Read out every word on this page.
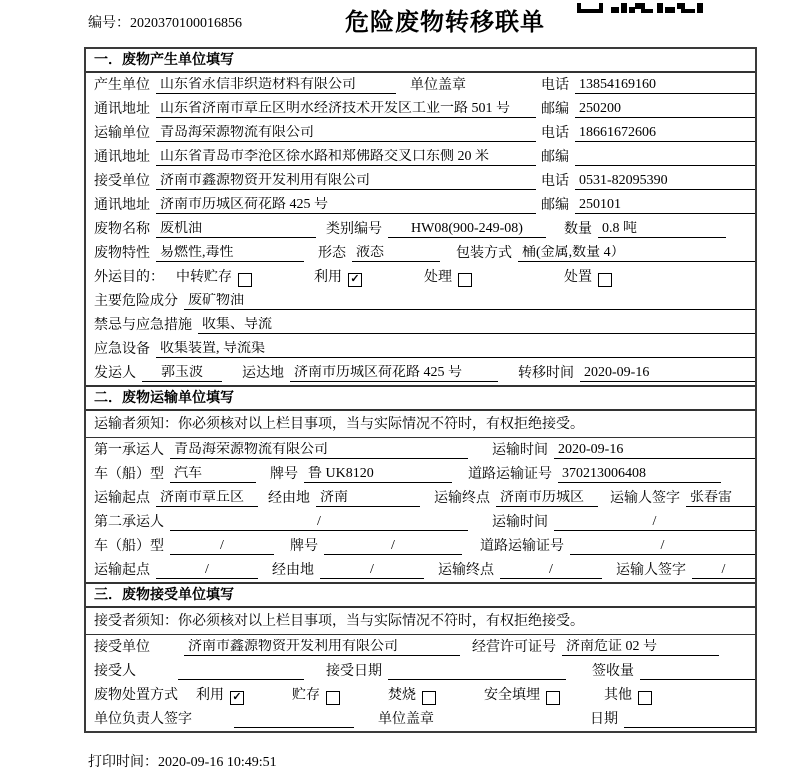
编号：2020370100016856	危险废物转移联单
一．废物产生单位填写
产生单位 山东省永信非织造材料有限公司	单位盖章	电话 13854169160
通讯地址 山东省济南市章丘区明水经济技术开发区工业一路 501 号	邮编 250200
运输单位 青岛海荣源物流有限公司	电话 18661672606
通讯地址 山东省青岛市李沧区徐水路和郑佛路交叉口东侧 20 米	邮编
接受单位 济南市鑫源物资开发利用有限公司	电话 0531-82095390
通讯地址 济南市历城区荷花路 425 号	邮编 250101
废物名称 废机油	类别编号	HW08(900-249-08)	数量 0.8 吨
废物特性 易燃性,毒性	形态 液态	包装方式 桶(金属,数量 4）
外运目的： 中转贮存	利用 ✓	处理	处置
主要危险成分 废矿物油
禁忌与应急措施 收集、导流
应急设备 收集装置, 导流渠
发运人	郭玉波	运达地 济南市历城区荷花路 425 号	转移时间 2020-09-16
二．废物运输单位填写
运输者须知：你必须核对以上栏目事项，当与实际情况不符时，有权拒绝接受。
第一承运人 青岛海荣源物流有限公司	运输时间 2020-09-16
车（船）型 汽车	牌号 鲁 UK8120	道路运输证号 370213006408
运输起点 济南市章丘区	经由地 济南	运输终点 济南市历城区	运输人签字 张春雷
第二承运人	/	运输时间	/
车（船）型	/	牌号	/	道路运输证号	/
运输起点	/	经由地	/	运输终点	/	运输人签字	/
三．废物接受单位填写
接受者须知：你必须核对以上栏目事项，当与实际情况不符时，有权拒绝接受。
接受单位	济南市鑫源物资开发利用有限公司	经营许可证号 济南危证 02 号
接受人	接受日期	签收量
废物处置方式 利用 ✓	贮存	焚烧	安全填埋	其他
单位负责人签字	单位盖章	日期
打印时间：2020-09-16 10:49:51
